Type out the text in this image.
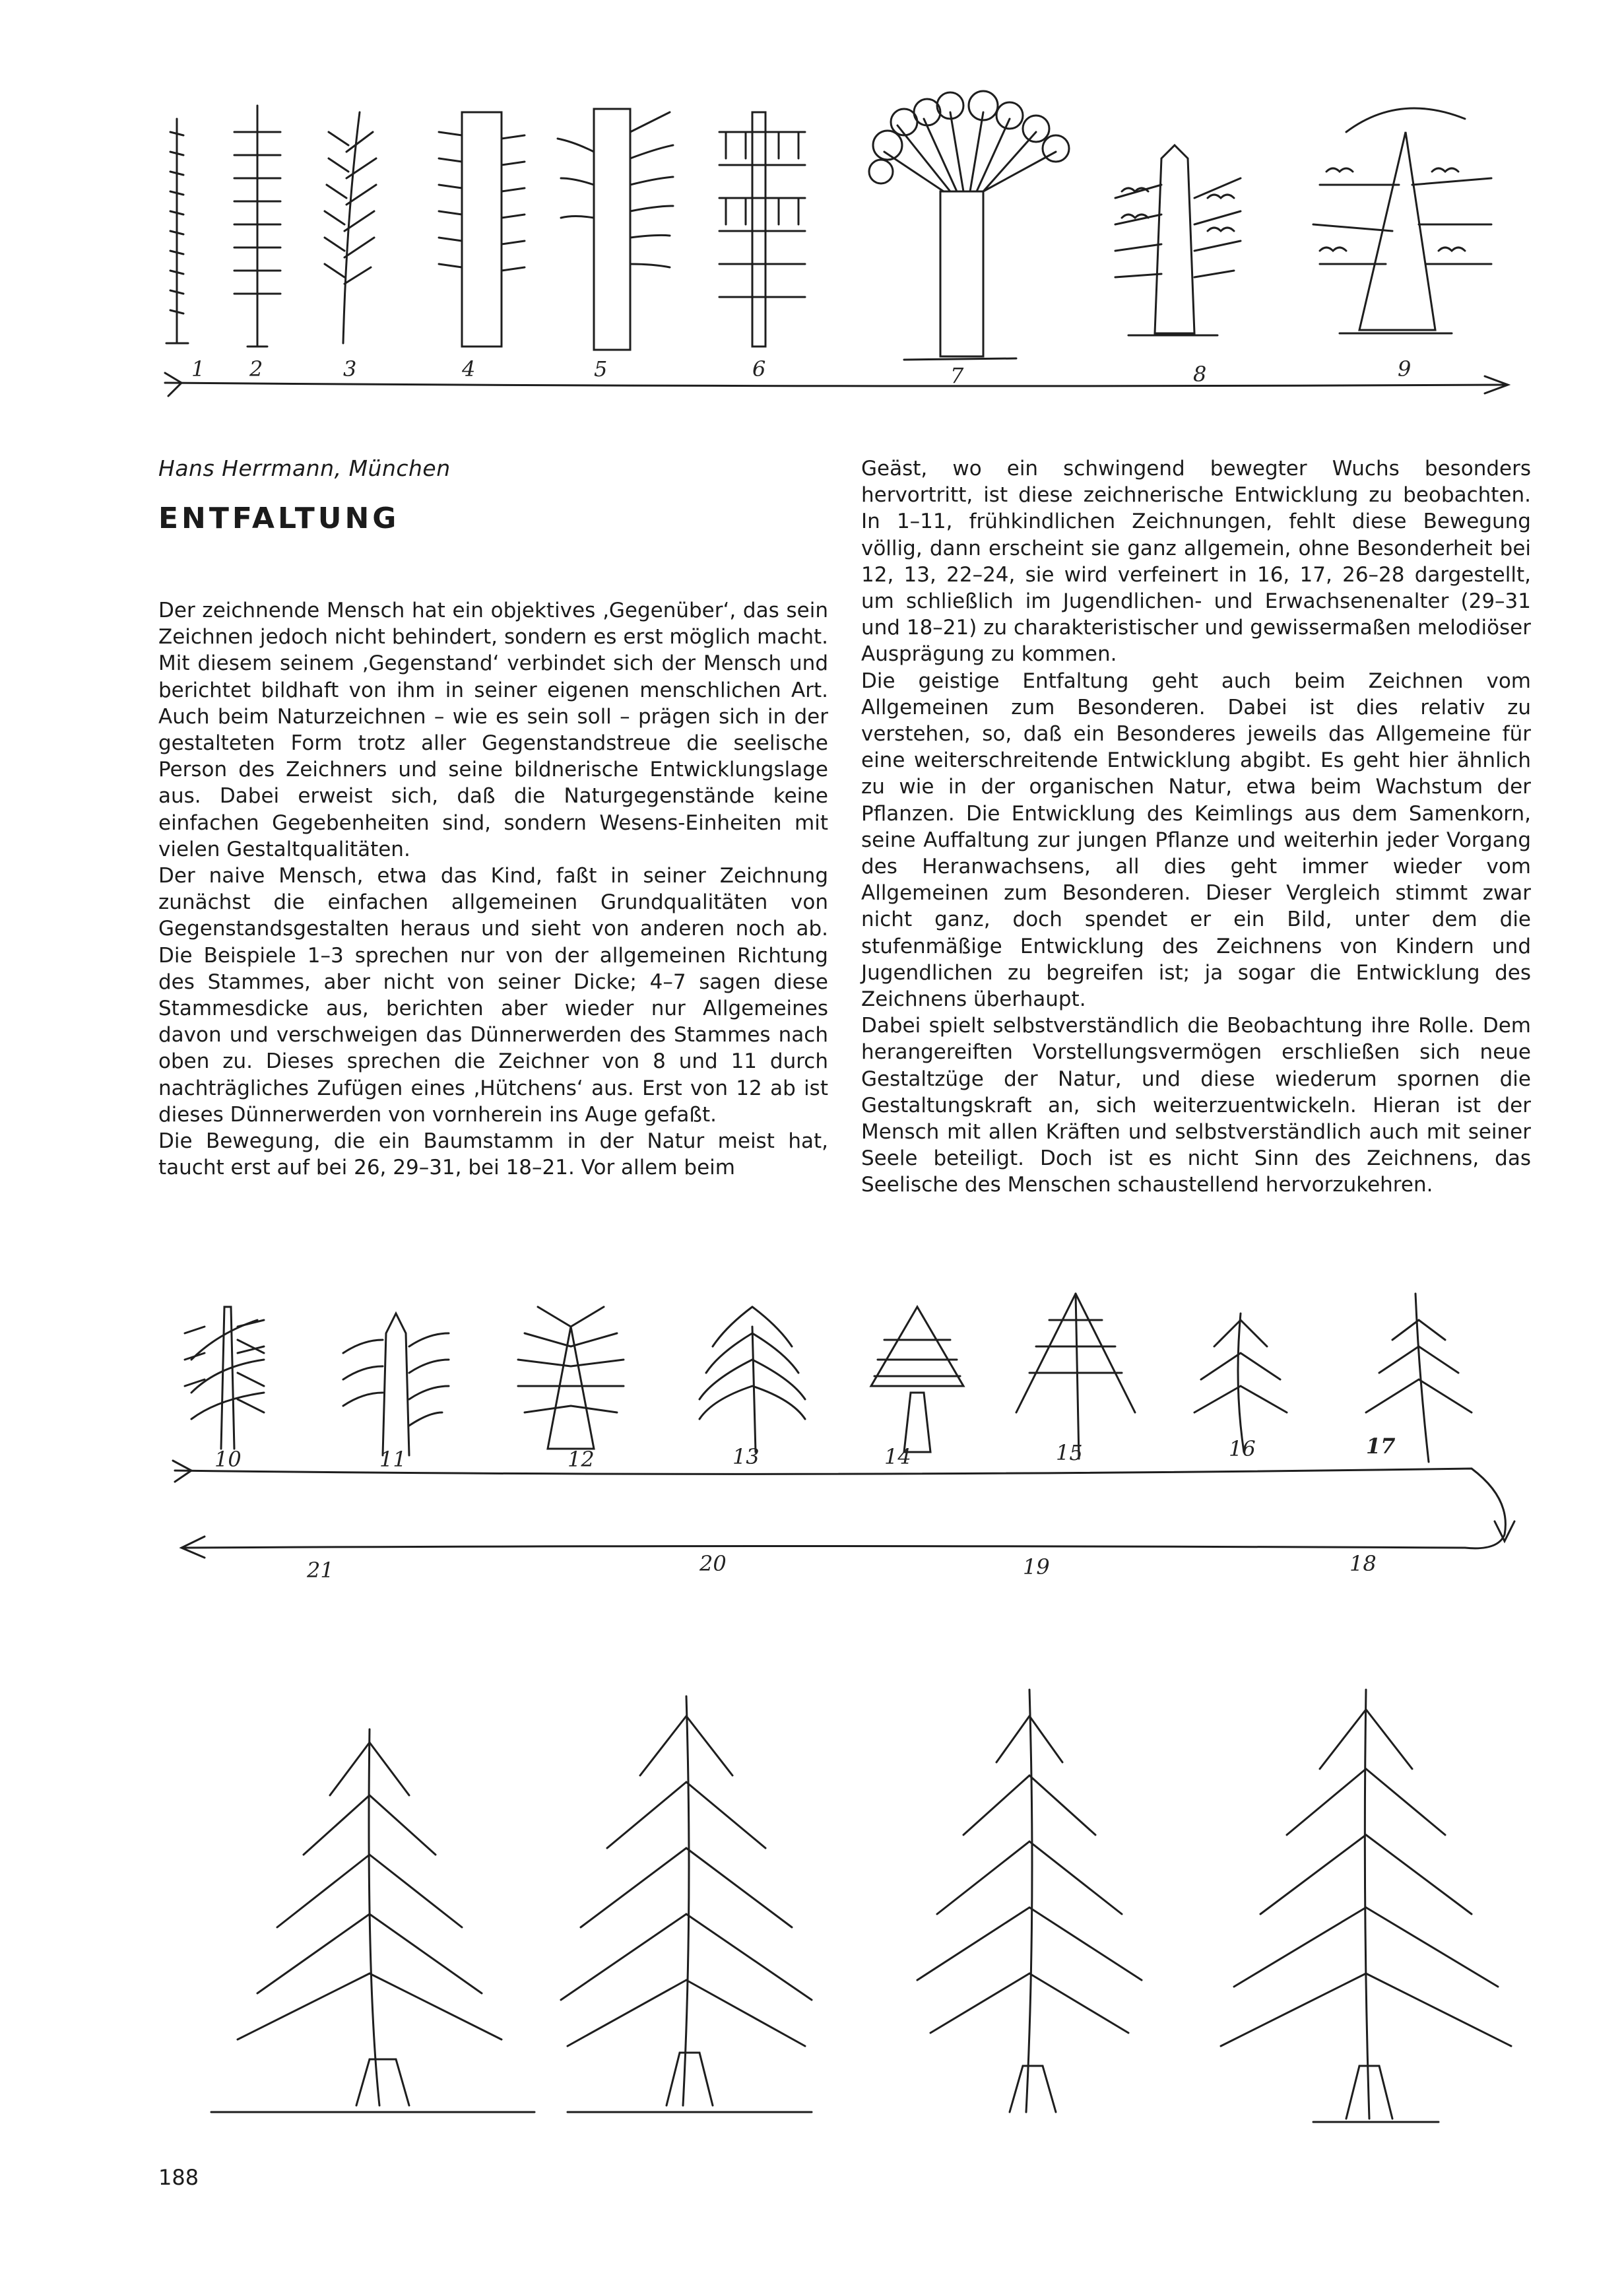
1 2	3	4	5	6	7	8	9
10	11	12	13	14	15	16	17
21	20	19	18
Hans Herrmann, München
ENTFALTUNG

Der zeichnende Mensch hat ein objektives ‚Gegenüber‘, das sein Zeichnen jedoch nicht behindert, sondern es erst möglich macht. Mit diesem seinem ‚Gegenstand‘ verbindet sich der Mensch und berichtet bildhaft von ihm in seiner eigenen menschlichen Art. Auch beim Naturzeichnen – wie es sein soll – prägen sich in der gestalteten Form trotz aller Gegenstandstreue die seelische Person des Zeichners und seine bildnerische Entwicklungslage aus. Dabei erweist sich, daß die Naturgegenstände keine einfachen Gegebenheiten sind, sondern Wesens-Einheiten mit vielen Gestaltqualitäten.

Der naive Mensch, etwa das Kind, faßt in seiner Zeichnung zunächst die einfachen allgemeinen Grundqualitäten von Gegenstandsgestalten heraus und sieht von anderen noch ab. Die Beispiele 1–3 sprechen nur von der allgemeinen Richtung des Stammes, aber nicht von seiner Dicke; 4–7 sagen diese Stammesdicke aus, berichten aber wieder nur Allgemeines davon und verschweigen das Dünnerwerden des Stammes nach oben zu. Dieses sprechen die Zeichner von 8 und 11 durch nachträgliches Zufügen eines ‚Hütchens‘ aus. Erst von 12 ab ist dieses Dünnerwerden von vornherein ins Auge gefaßt.

Die Bewegung, die ein Baumstamm in der Natur meist hat, taucht erst auf bei 26, 29–31, bei 18–21. Vor allem beim

Geäst, wo ein schwingend bewegter Wuchs besonders hervortritt, ist diese zeichnerische Entwicklung zu beobachten. In 1–11, frühkindlichen Zeichnungen, fehlt diese Bewegung völlig, dann erscheint sie ganz allgemein, ohne Besonderheit bei 12, 13, 22–24, sie wird verfeinert in 16, 17, 26–28 dargestellt, um schließlich im Jugendlichen- und Erwachsenenalter (29–31 und 18–21) zu charakteristischer und gewissermaßen melodiöser Ausprägung zu kommen.

Die geistige Entfaltung geht auch beim Zeichnen vom Allgemeinen zum Besonderen. Dabei ist dies relativ zu verstehen, so, daß ein Besonderes jeweils das Allgemeine für eine weiterschreitende Entwicklung abgibt. Es geht hier ähnlich zu wie in der organischen Natur, etwa beim Wachstum der Pflanzen. Die Entwicklung des Keimlings aus dem Samenkorn, seine Auffaltung zur jungen Pflanze und weiterhin jeder Vorgang des Heranwachsens, all dies geht immer wieder vom Allgemeinen zum Besonderen. Dieser Vergleich stimmt zwar nicht ganz, doch spendet er ein Bild, unter dem die stufenmäßige Entwicklung des Zeichnens von Kindern und Jugendlichen zu begreifen ist; ja sogar die Entwicklung des Zeichnens überhaupt.

Dabei spielt selbstverständlich die Beobachtung ihre Rolle. Dem herangereiften Vorstellungsvermögen erschließen sich neue Gestaltzüge der Natur, und diese wiederum spornen die Gestaltungskraft an, sich weiterzuentwickeln. Hieran ist der Mensch mit allen Kräften und selbstverständlich auch mit seiner Seele beteiligt. Doch ist es nicht Sinn des Zeichnens, das Seelische des Menschen schaustellend hervorzukehren.

188
